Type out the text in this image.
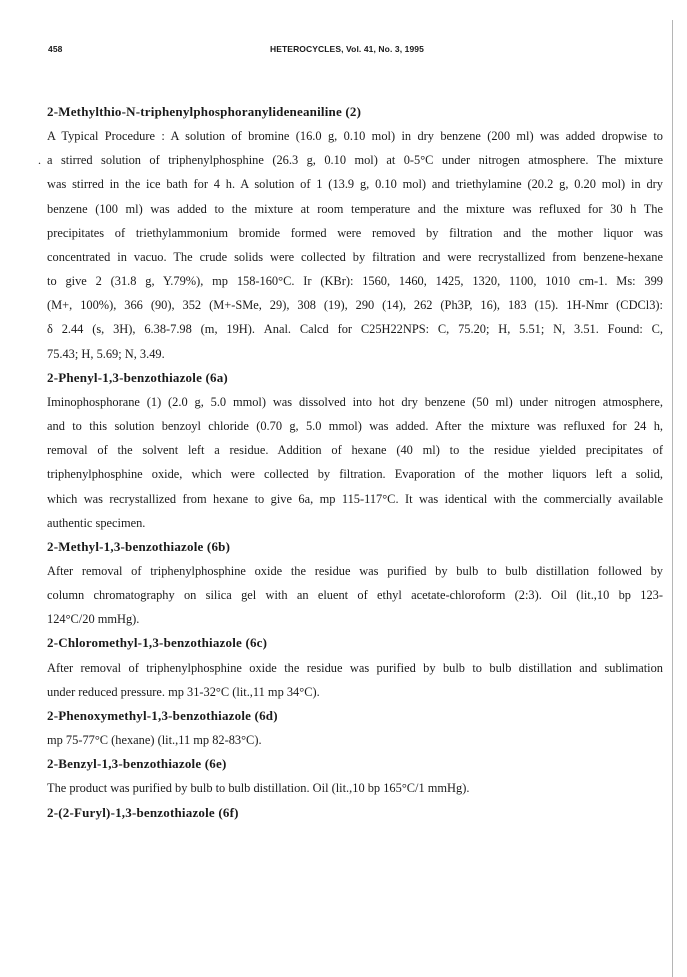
458	HETEROCYCLES, Vol. 41, No. 3, 1995
2-Methylthio-N-triphenylphosphoranylideneaniline (2)

A Typical Procedure : A solution of bromine (16.0 g, 0.10 mol) in dry benzene (200 ml) was added dropwise to

. a stirred solution of triphenylphosphine (26.3 g, 0.10 mol) at 0-5°C under nitrogen atmosphere. The mixture

was stirred in the ice bath for 4 h. A solution of 1 (13.9 g, 0.10 mol) and triethylamine (20.2 g, 0.20 mol) in dry

benzene (100 ml) was added to the mixture at room temperature and the mixture was refluxed for 30 h The

precipitates of triethylammonium bromide formed were removed by filtration and the mother liquor was

concentrated in vacuo. The crude solids were collected by filtration and were recrystallized from benzene-hexane

to give 2 (31.8 g, Y.79%), mp 158-160°C. Ir (KBr): 1560, 1460, 1425, 1320, 1100, 1010 cm-1. Ms: 399

(M+, 100%), 366 (90), 352 (M+-SMe, 29), 308 (19), 290 (14), 262 (Ph3P, 16), 183 (15). 1H-Nmr (CDCl3):

δ 2.44 (s, 3H), 6.38-7.98 (m, 19H). Anal. Calcd for C25H22NPS: C, 75.20; H, 5.51; N, 3.51. Found: C,

75.43; H, 5.69; N, 3.49.

2-Phenyl-1,3-benzothiazole (6a)

Iminophosphorane (1) (2.0 g, 5.0 mmol) was dissolved into hot dry benzene (50 ml) under nitrogen atmosphere,

and to this solution benzoyl chloride (0.70 g, 5.0 mmol) was added. After the mixture was refluxed for 24 h,

removal of the solvent left a residue. Addition of hexane (40 ml) to the residue yielded precipitates of

triphenylphosphine oxide, which were collected by filtration. Evaporation of the mother liquors left a solid,

which was recrystallized from hexane to give 6a, mp 115-117°C. It was identical with the commercially available

authentic specimen.

2-Methyl-1,3-benzothiazole (6b)

After removal of triphenylphosphine oxide the residue was purified by bulb to bulb distillation followed by

column chromatography on silica gel with an eluent of ethyl acetate-chloroform (2:3). Oil (lit.,10 bp 123-

124°C/20 mmHg).

2-Chloromethyl-1,3-benzothiazole (6c)

After removal of triphenylphosphine oxide the residue was purified by bulb to bulb distillation and sublimation

under reduced pressure. mp 31-32°C (lit.,11 mp 34°C).

2-Phenoxymethyl-1,3-benzothiazole (6d)

mp 75-77°C (hexane) (lit.,11 mp 82-83°C).

2-Benzyl-1,3-benzothiazole (6e)

The product was purified by bulb to bulb distillation. Oil (lit.,10 bp 165°C/1 mmHg).

2-(2-Furyl)-1,3-benzothiazole (6f)
